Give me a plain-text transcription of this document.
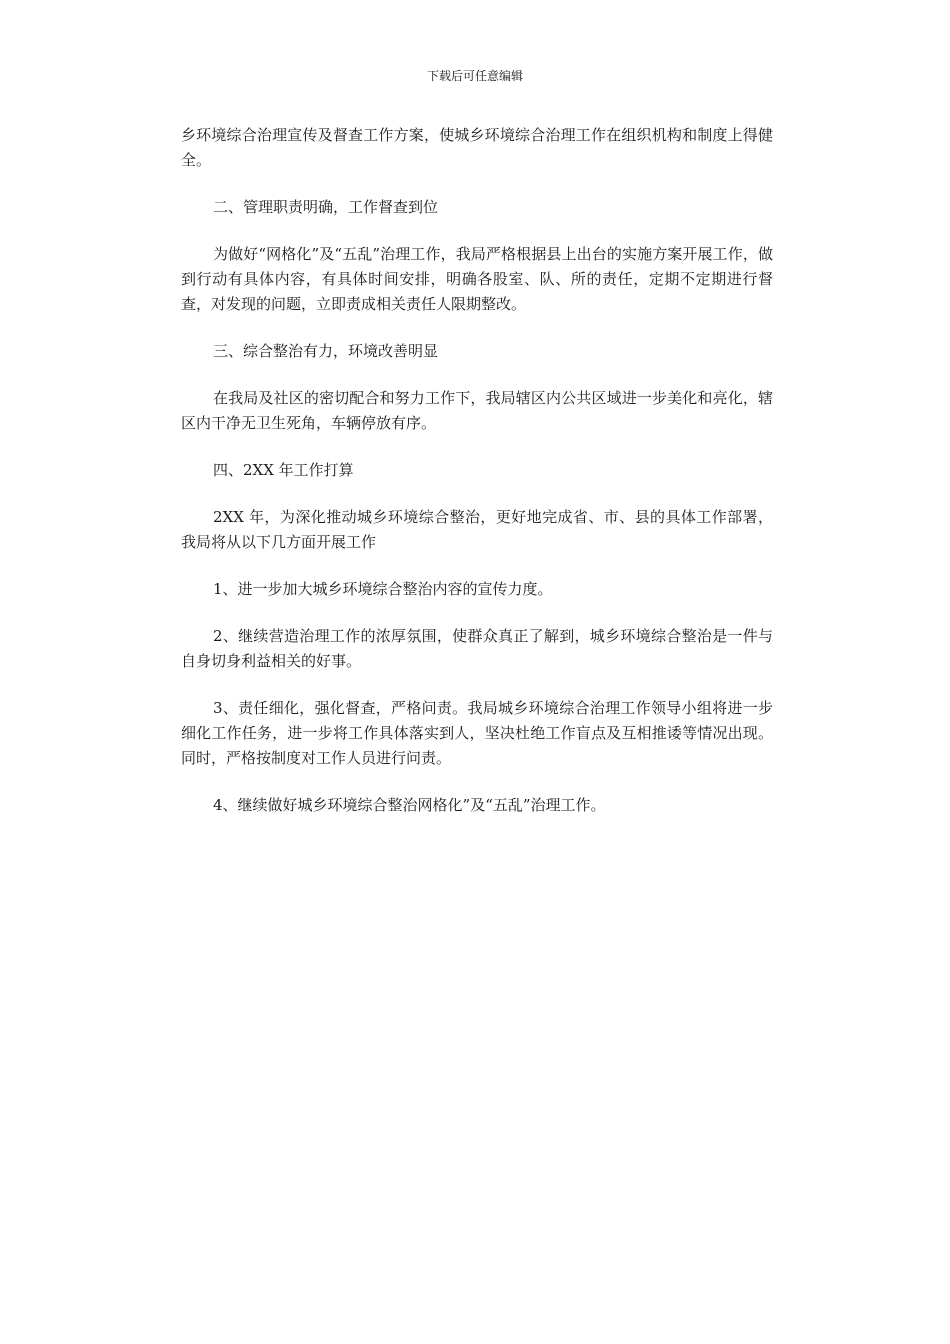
下载后可任意编辑

乡环境综合治理宣传及督查工作方案，使城乡环境综合治理工作在组织机构和制度上得健全。

二、管理职责明确，工作督查到位

为做好“网格化”及“五乱”治理工作，我局严格根据县上出台的实施方案开展工作，做到行动有具体内容，有具体时间安排，明确各股室、队、所的责任，定期不定期进行督查，对发现的问题，立即责成相关责任人限期整改。

三、综合整治有力，环境改善明显

在我局及社区的密切配合和努力工作下，我局辖区内公共区域进一步美化和亮化，辖区内干净无卫生死角，车辆停放有序。

四、2XX 年工作打算

2XX 年，为深化推动城乡环境综合整治，更好地完成省、市、县的具体工作部署，我局将从以下几方面开展工作

1、进一步加大城乡环境综合整治内容的宣传力度。

2、继续营造治理工作的浓厚氛围，使群众真正了解到，城乡环境综合整治是一件与自身切身利益相关的好事。

3、责任细化，强化督查，严格问责。我局城乡环境综合治理工作领导小组将进一步细化工作任务，进一步将工作具体落实到人，坚决杜绝工作盲点及互相推诿等情况出现。同时，严格按制度对工作人员进行问责。

4、继续做好城乡环境综合整治网格化”及“五乱”治理工作。
